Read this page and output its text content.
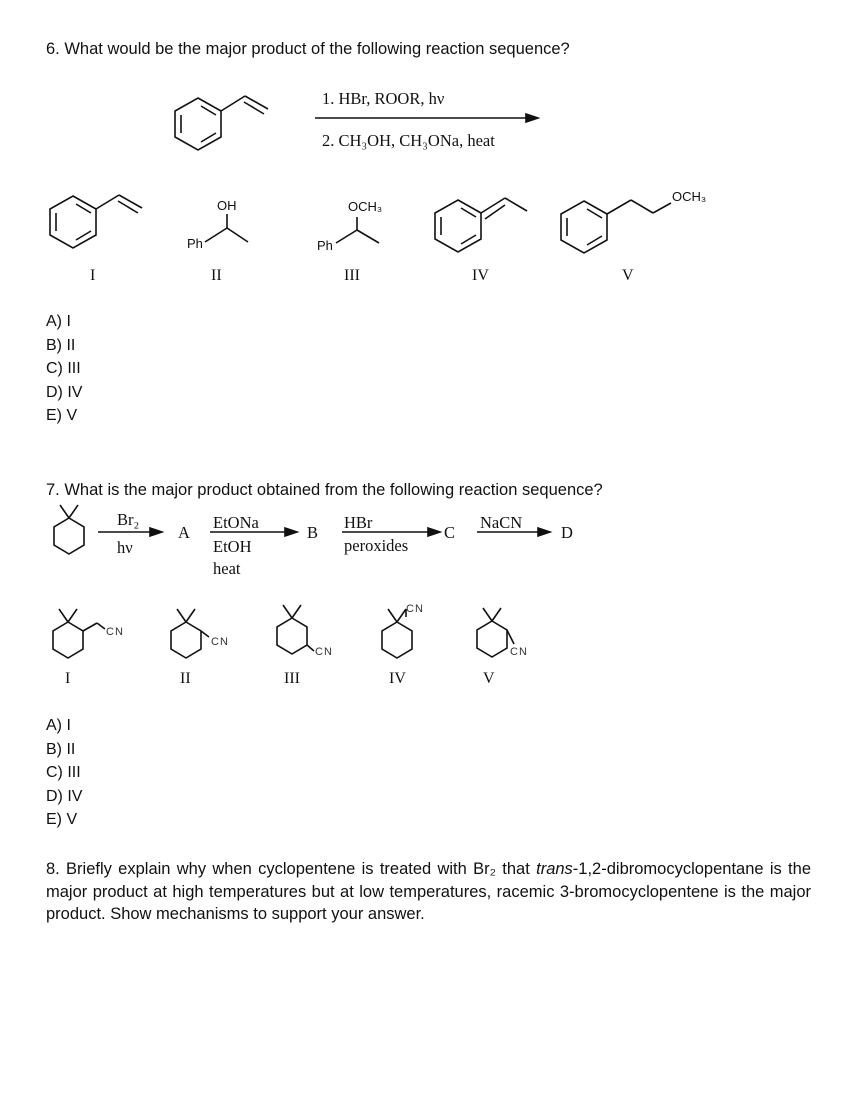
6. What would be the major product of the following reaction sequence?
1. HBr, ROOR, hν
2. CH₃OH, CH₃ONa, heat
OH
Ph
OCH₃
Ph
OCH₃
I	II	III	IV	V
A) I
B) II
C) III
D) IV
E) V
7. What is the major product obtained from the following reaction sequence?
Br₂
hν
A
EtONa
EtOH
heat
B
HBr
peroxides
C
NaCN
D
CN
CN
CN
CN
CN
I	II	III	IV	V
A) I
B) II
C) III
D) IV
E) V
8. Briefly explain why when cyclopentene is treated with Br₂ that trans-1,2-dibromocyclopentane is the major product at high temperatures but at low temperatures, racemic 3-bromocyclopentene is the major product. Show mechanisms to support your answer.
